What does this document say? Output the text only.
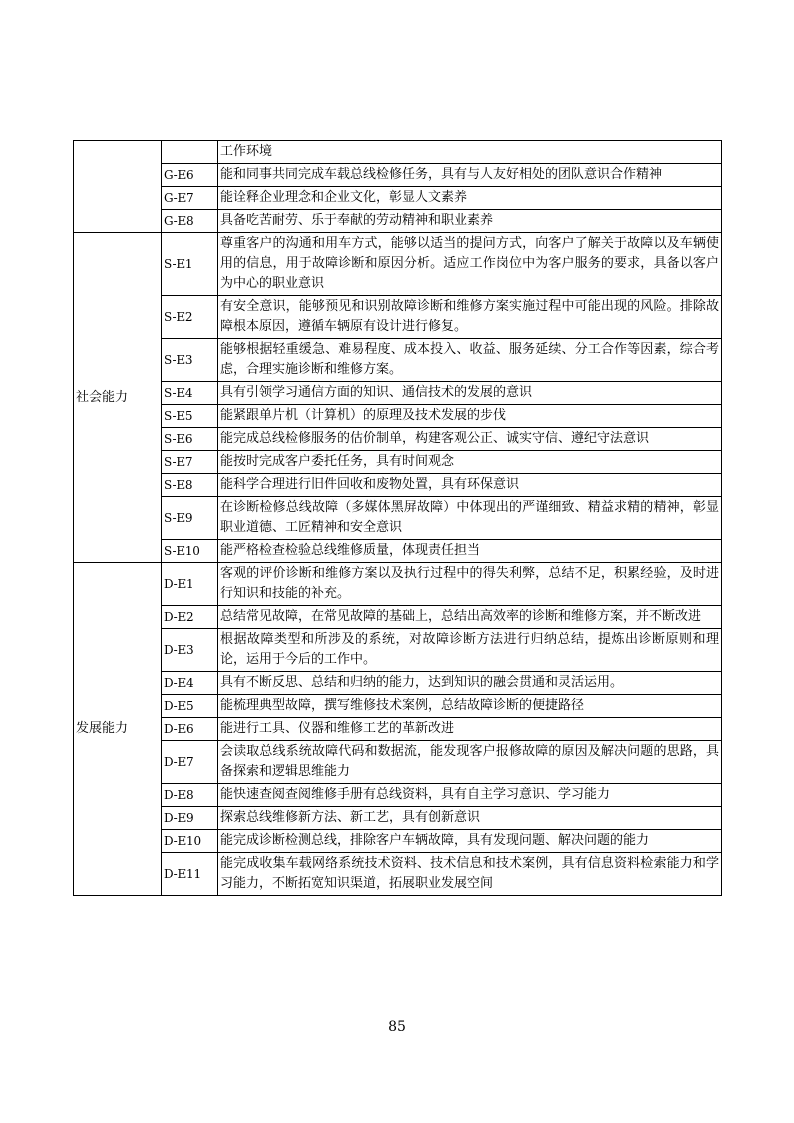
		工作环境
	G-E6	能和同事共同完成车载总线检修任务，具有与人友好相处的团队意识合作精神
	G-E7	能诠释企业理念和企业文化，彰显人文素养
	G-E8	具备吃苦耐劳、乐于奉献的劳动精神和职业素养
社会能力	S-E1	尊重客户的沟通和用车方式，能够以适当的提问方式，向客户了解关于故障以及车辆使用的信息，用于故障诊断和原因分析。适应工作岗位中为客户服务的要求，具备以客户为中心的职业意识
	S-E2	有安全意识，能够预见和识别故障诊断和维修方案实施过程中可能出现的风险。排除故障根本原因，遵循车辆原有设计进行修复。
	S-E3	能够根据轻重缓急、难易程度、成本投入、收益、服务延续、分工合作等因素，综合考虑，合理实施诊断和维修方案。
	S-E4	具有引领学习通信方面的知识、通信技术的发展的意识
	S-E5	能紧跟单片机（计算机）的原理及技术发展的步伐
	S-E6	能完成总线检修服务的估价制单，构建客观公正、诚实守信、遵纪守法意识
	S-E7	能按时完成客户委托任务，具有时间观念
	S-E8	能科学合理进行旧件回收和废物处置，具有环保意识
	S-E9	在诊断检修总线故障（多媒体黑屏故障）中体现出的严谨细致、精益求精的精神，彰显职业道德、工匠精神和安全意识
	S-E10	能严格检查检验总线维修质量，体现责任担当
发展能力	D-E1	客观的评价诊断和维修方案以及执行过程中的得失利弊，总结不足，积累经验，及时进行知识和技能的补充。
	D-E2	总结常见故障，在常见故障的基础上，总结出高效率的诊断和维修方案，并不断改进
	D-E3	根据故障类型和所涉及的系统，对故障诊断方法进行归纳总结，提炼出诊断原则和理论，运用于今后的工作中。
	D-E4	具有不断反思、总结和归纳的能力，达到知识的融会贯通和灵活运用。
	D-E5	能梳理典型故障，撰写维修技术案例，总结故障诊断的便捷路径
	D-E6	能进行工具、仪器和维修工艺的革新改进
	D-E7	会读取总线系统故障代码和数据流，能发现客户报修故障的原因及解决问题的思路，具备探索和逻辑思维能力
	D-E8	能快速查阅查阅维修手册有总线资料，具有自主学习意识、学习能力
	D-E9	探索总线维修新方法、新工艺，具有创新意识
	D-E10	能完成诊断检测总线，排除客户车辆故障，具有发现问题、解决问题的能力
	D-E11	能完成收集车载网络系统技术资料、技术信息和技术案例，具有信息资料检索能力和学习能力，不断拓宽知识渠道，拓展职业发展空间
85
